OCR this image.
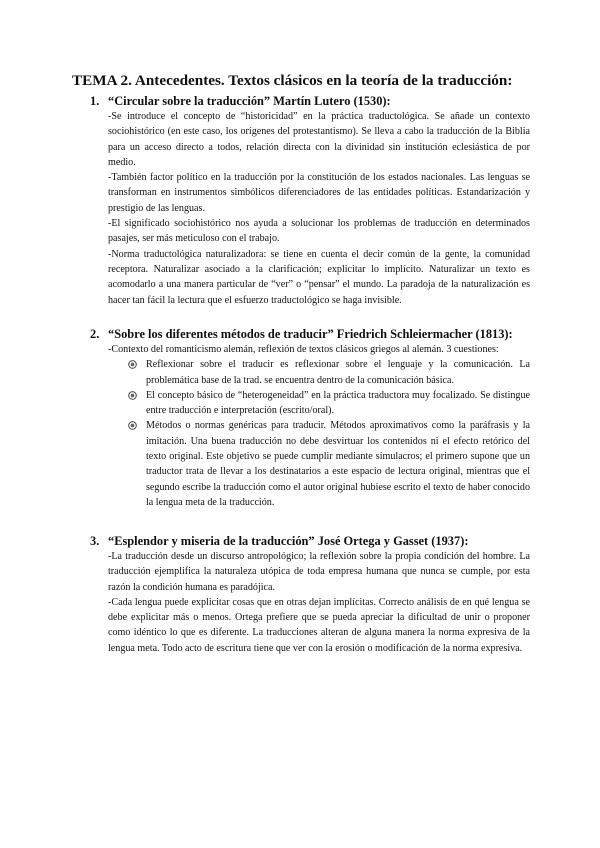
TEMA 2. Antecedentes. Textos clásicos en la teoría de la traducción:
1. “Circular sobre la traducción” Martín Lutero (1530):

-Se introduce el concepto de “historicidad” en la práctica traductológica. Se añade un contexto sociohistórico (en este caso, los orígenes del protestantismo). Se lleva a cabo la traducción de la Biblia para un acceso directo a todos, relación directa con la divinidad sin institución eclesiástica de por medio.

-También factor político en la traducción por la constitución de los estados nacionales. Las lenguas se transforman en instrumentos simbólicos diferenciadores de las entidades políticas. Estandarización y prestigio de las lenguas.

-El significado sociohistórico nos ayuda a solucionar los problemas de traducción en determinados pasajes, ser más meticuloso con el trabajo.

-Norma traductológica naturalizadora: se tiene en cuenta el decir común de la gente, la comunidad receptora. Naturalizar asociado a la clarificación; explicitar lo implícito. Naturalizar un texto es acomodarlo a una manera particular de “ver” o “pensar” el mundo. La paradoja de la naturalización es hacer tan fácil la lectura que el esfuerzo traductológico se haga invisible.

2. “Sobre los diferentes métodos de traducir” Friedrich Schleiermacher (1813):

-Contexto del romanticismo alemán, reflexión de textos clásicos griegos al alemán. 3 cuestiones:

Reflexionar sobre el traducir es reflexionar sobre el lenguaje y la comunicación. La problemática base de la trad. se encuentra dentro de la comunicación básica.
El concepto básico de “heterogeneidad” en la práctica traductora muy focalizado. Se distingue entre traducción e interpretación (escrito/oral).
Métodos o normas genéricas para traducir. Métodos aproximativos como la paráfrasis y la imitación. Una buena traducción no debe desvirtuar los contenidos ni el efecto retórico del texto original. Este objetivo se puede cumplir mediante simulacros; el primero supone que un traductor trata de llevar a los destinatarios a este espacio de lectura original, mientras que el segundo escribe la traducción como el autor original hubiese escrito el texto de haber conocido la lengua meta de la traducción.
3. “Esplendor y miseria de la traducción” José Ortega y Gasset (1937):

-La traducción desde un discurso antropológico; la reflexión sobre la propia condición del hombre. La traducción ejemplifica la naturaleza utópica de toda empresa humana que nunca se cumple, por esta razón la condición humana es paradójica.

-Cada lengua puede explicitar cosas que en otras dejan implícitas. Correcto análisis de en qué lengua se debe explicitar más o menos. Ortega prefiere que se pueda apreciar la dificultad de unir o proponer como idéntico lo que es diferente. La traducciones alteran de alguna manera la norma expresiva de la lengua meta. Todo acto de escritura tiene que ver con la erosión o modificación de la norma expresiva.
